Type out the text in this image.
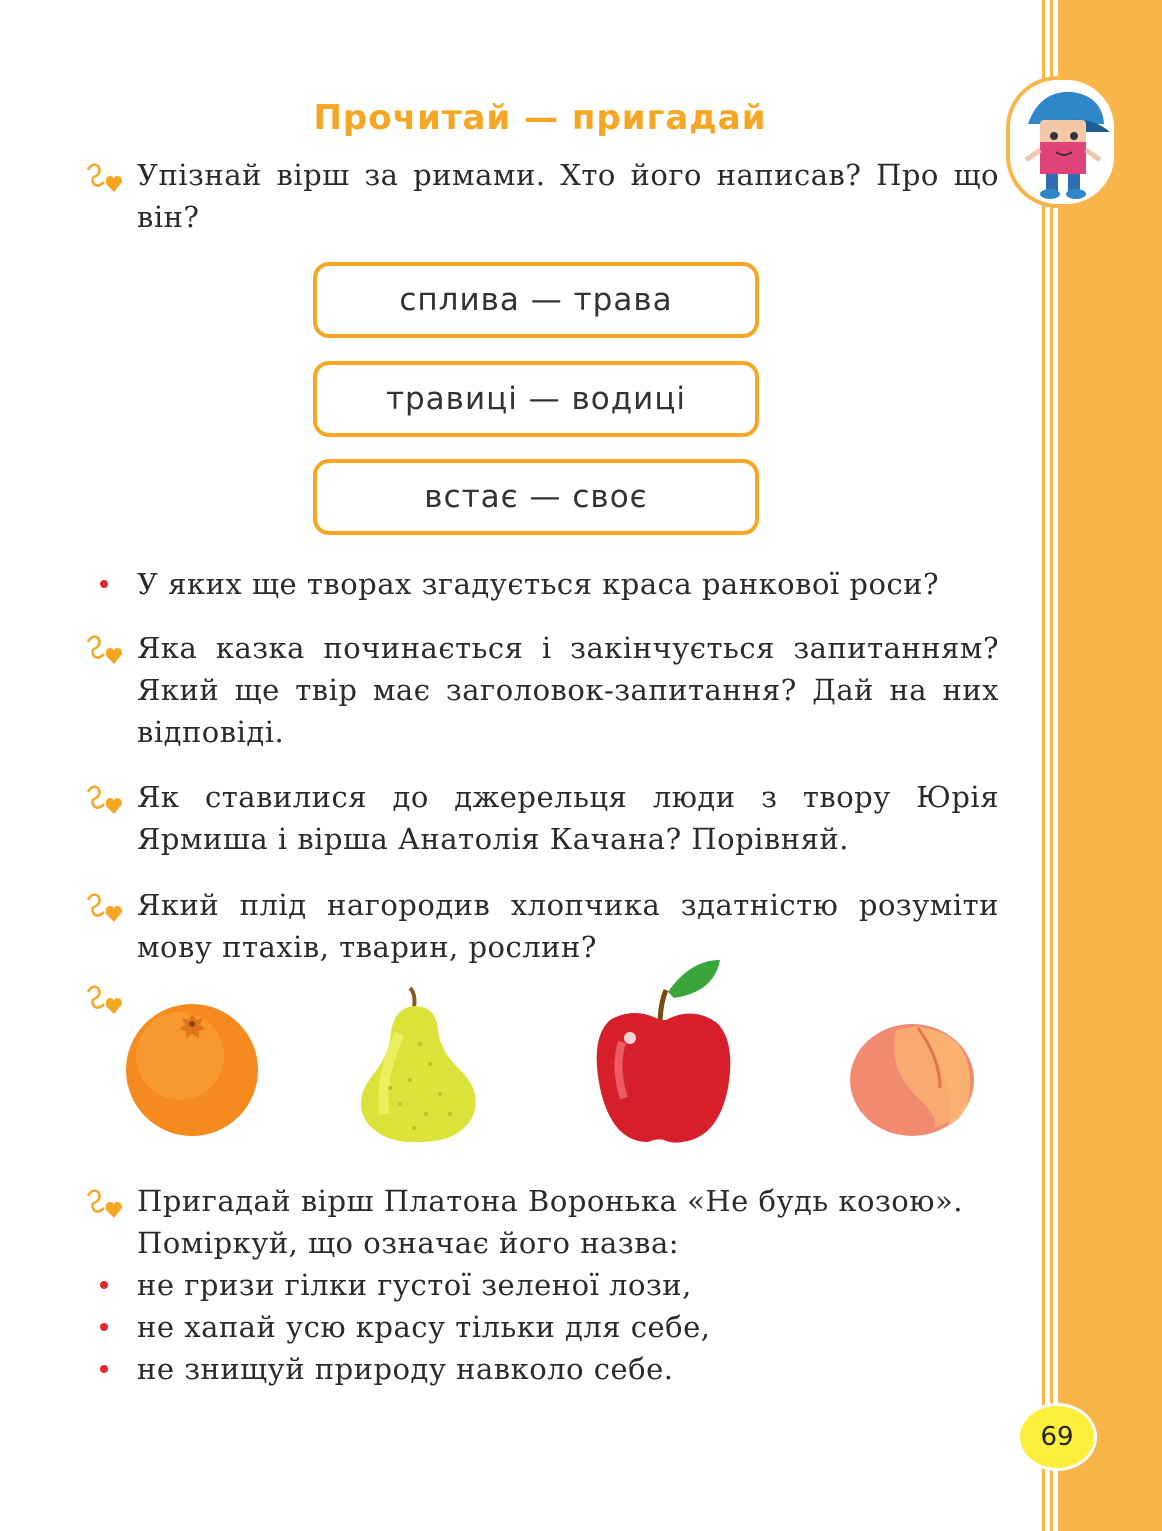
Прочитай — пригадай

Упізнай вірш за римами. Хто його написав? Про що він?

сплива — трава
травиці — водиці
встає — своє

У яких ще творах згадується краса ранкової роси?

Яка казка починається і закінчується запитанням? Який ще твір має заголовок-запитання? Дай на них відповіді.

Як ставилися до джерельця люди з твору Юрія Ярмиша і вірша Анатолія Качана? Порівняй.

Який плід нагородив хлопчика здатністю розуміти мову птахів, тварин, рослин?

Пригадай вірш Платона Воронька «Не будь козою». Поміркуй, що означає його назва:

не гризи гілки густої зеленої лози,

не хапай усю красу тільки для себе,

не знищуй природу навколо себе.

69
